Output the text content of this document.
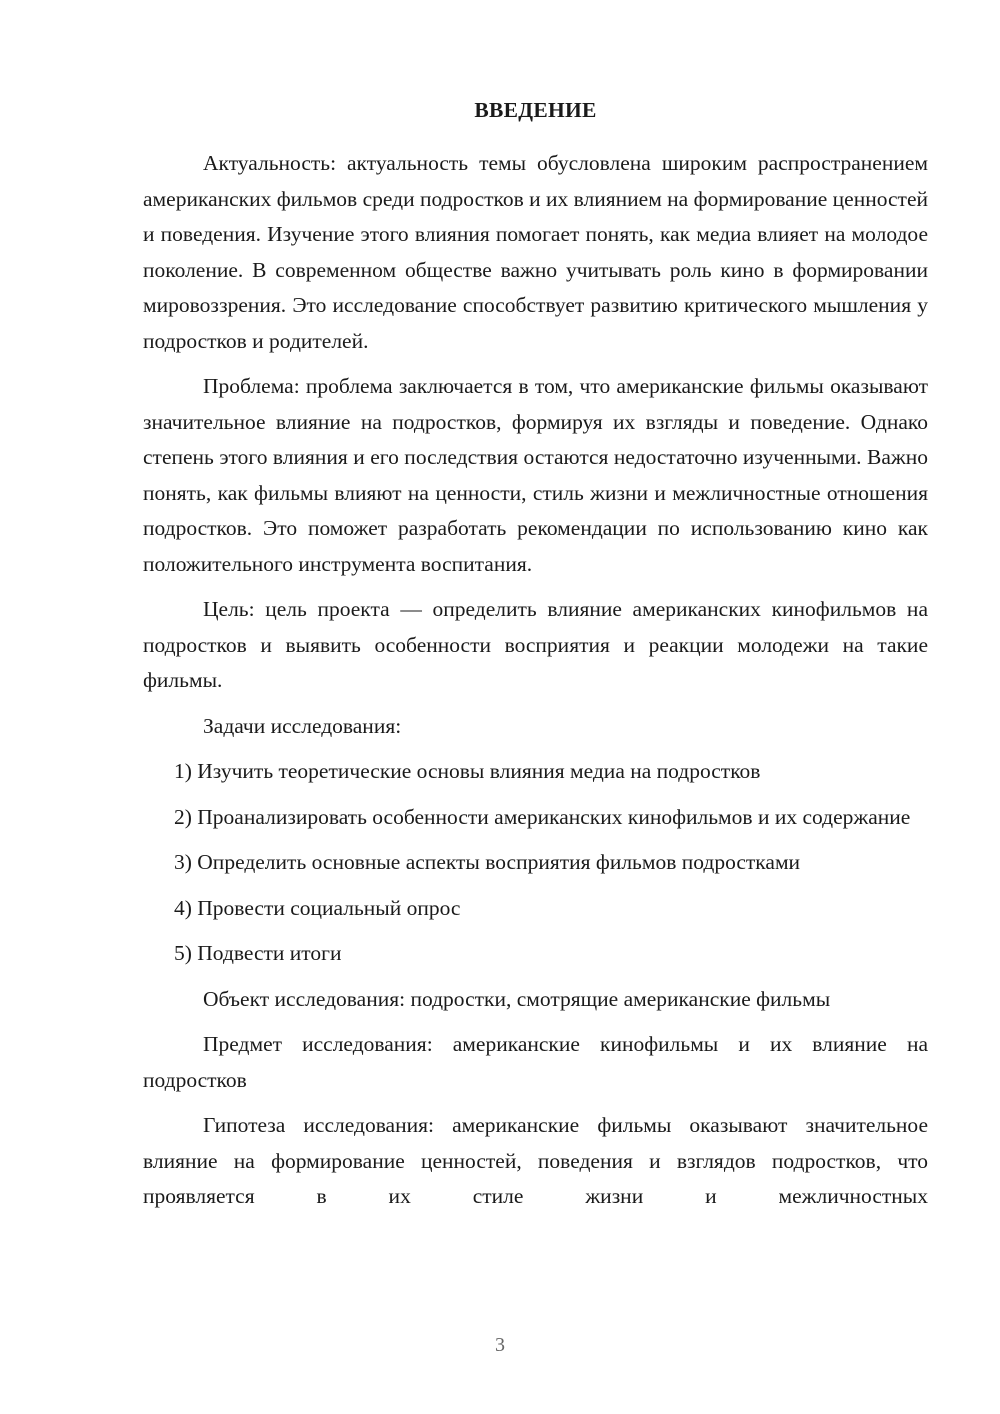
ВВЕДЕНИЕ

Актуальность: актуальность темы обусловлена широким распространением американских фильмов среди подростков и их влиянием на формирование ценностей и поведения. Изучение этого влияния помогает понять, как медиа влияет на молодое поколение. В современном обществе важно учитывать роль кино в формировании мировоззрения. Это исследование способствует развитию критического мышления у подростков и родителей.

Проблема: проблема заключается в том, что американские фильмы оказывают значительное влияние на подростков, формируя их взгляды и поведение. Однако степень этого влияния и его последствия остаются недостаточно изученными. Важно понять, как фильмы влияют на ценности, стиль жизни и межличностные отношения подростков. Это поможет разработать рекомендации по использованию кино как положительного инструмента воспитания.

Цель: цель проекта — определить влияние американских кинофильмов на подростков и выявить особенности восприятия и реакции молодежи на такие фильмы.

Задачи исследования:

1) Изучить теоретические основы влияния медиа на подростков

2) Проанализировать особенности американских кинофильмов и их содержание

3) Определить основные аспекты восприятия фильмов подростками

4) Провести социальный опрос

5) Подвести итоги

Объект исследования: подростки, смотрящие американские фильмы

Предмет исследования: американские кинофильмы и их влияние на подростков

Гипотеза исследования: американские фильмы оказывают значительное влияние на формирование ценностей, поведения и взглядов подростков, что проявляется в их стиле жизни и межличностных

3
